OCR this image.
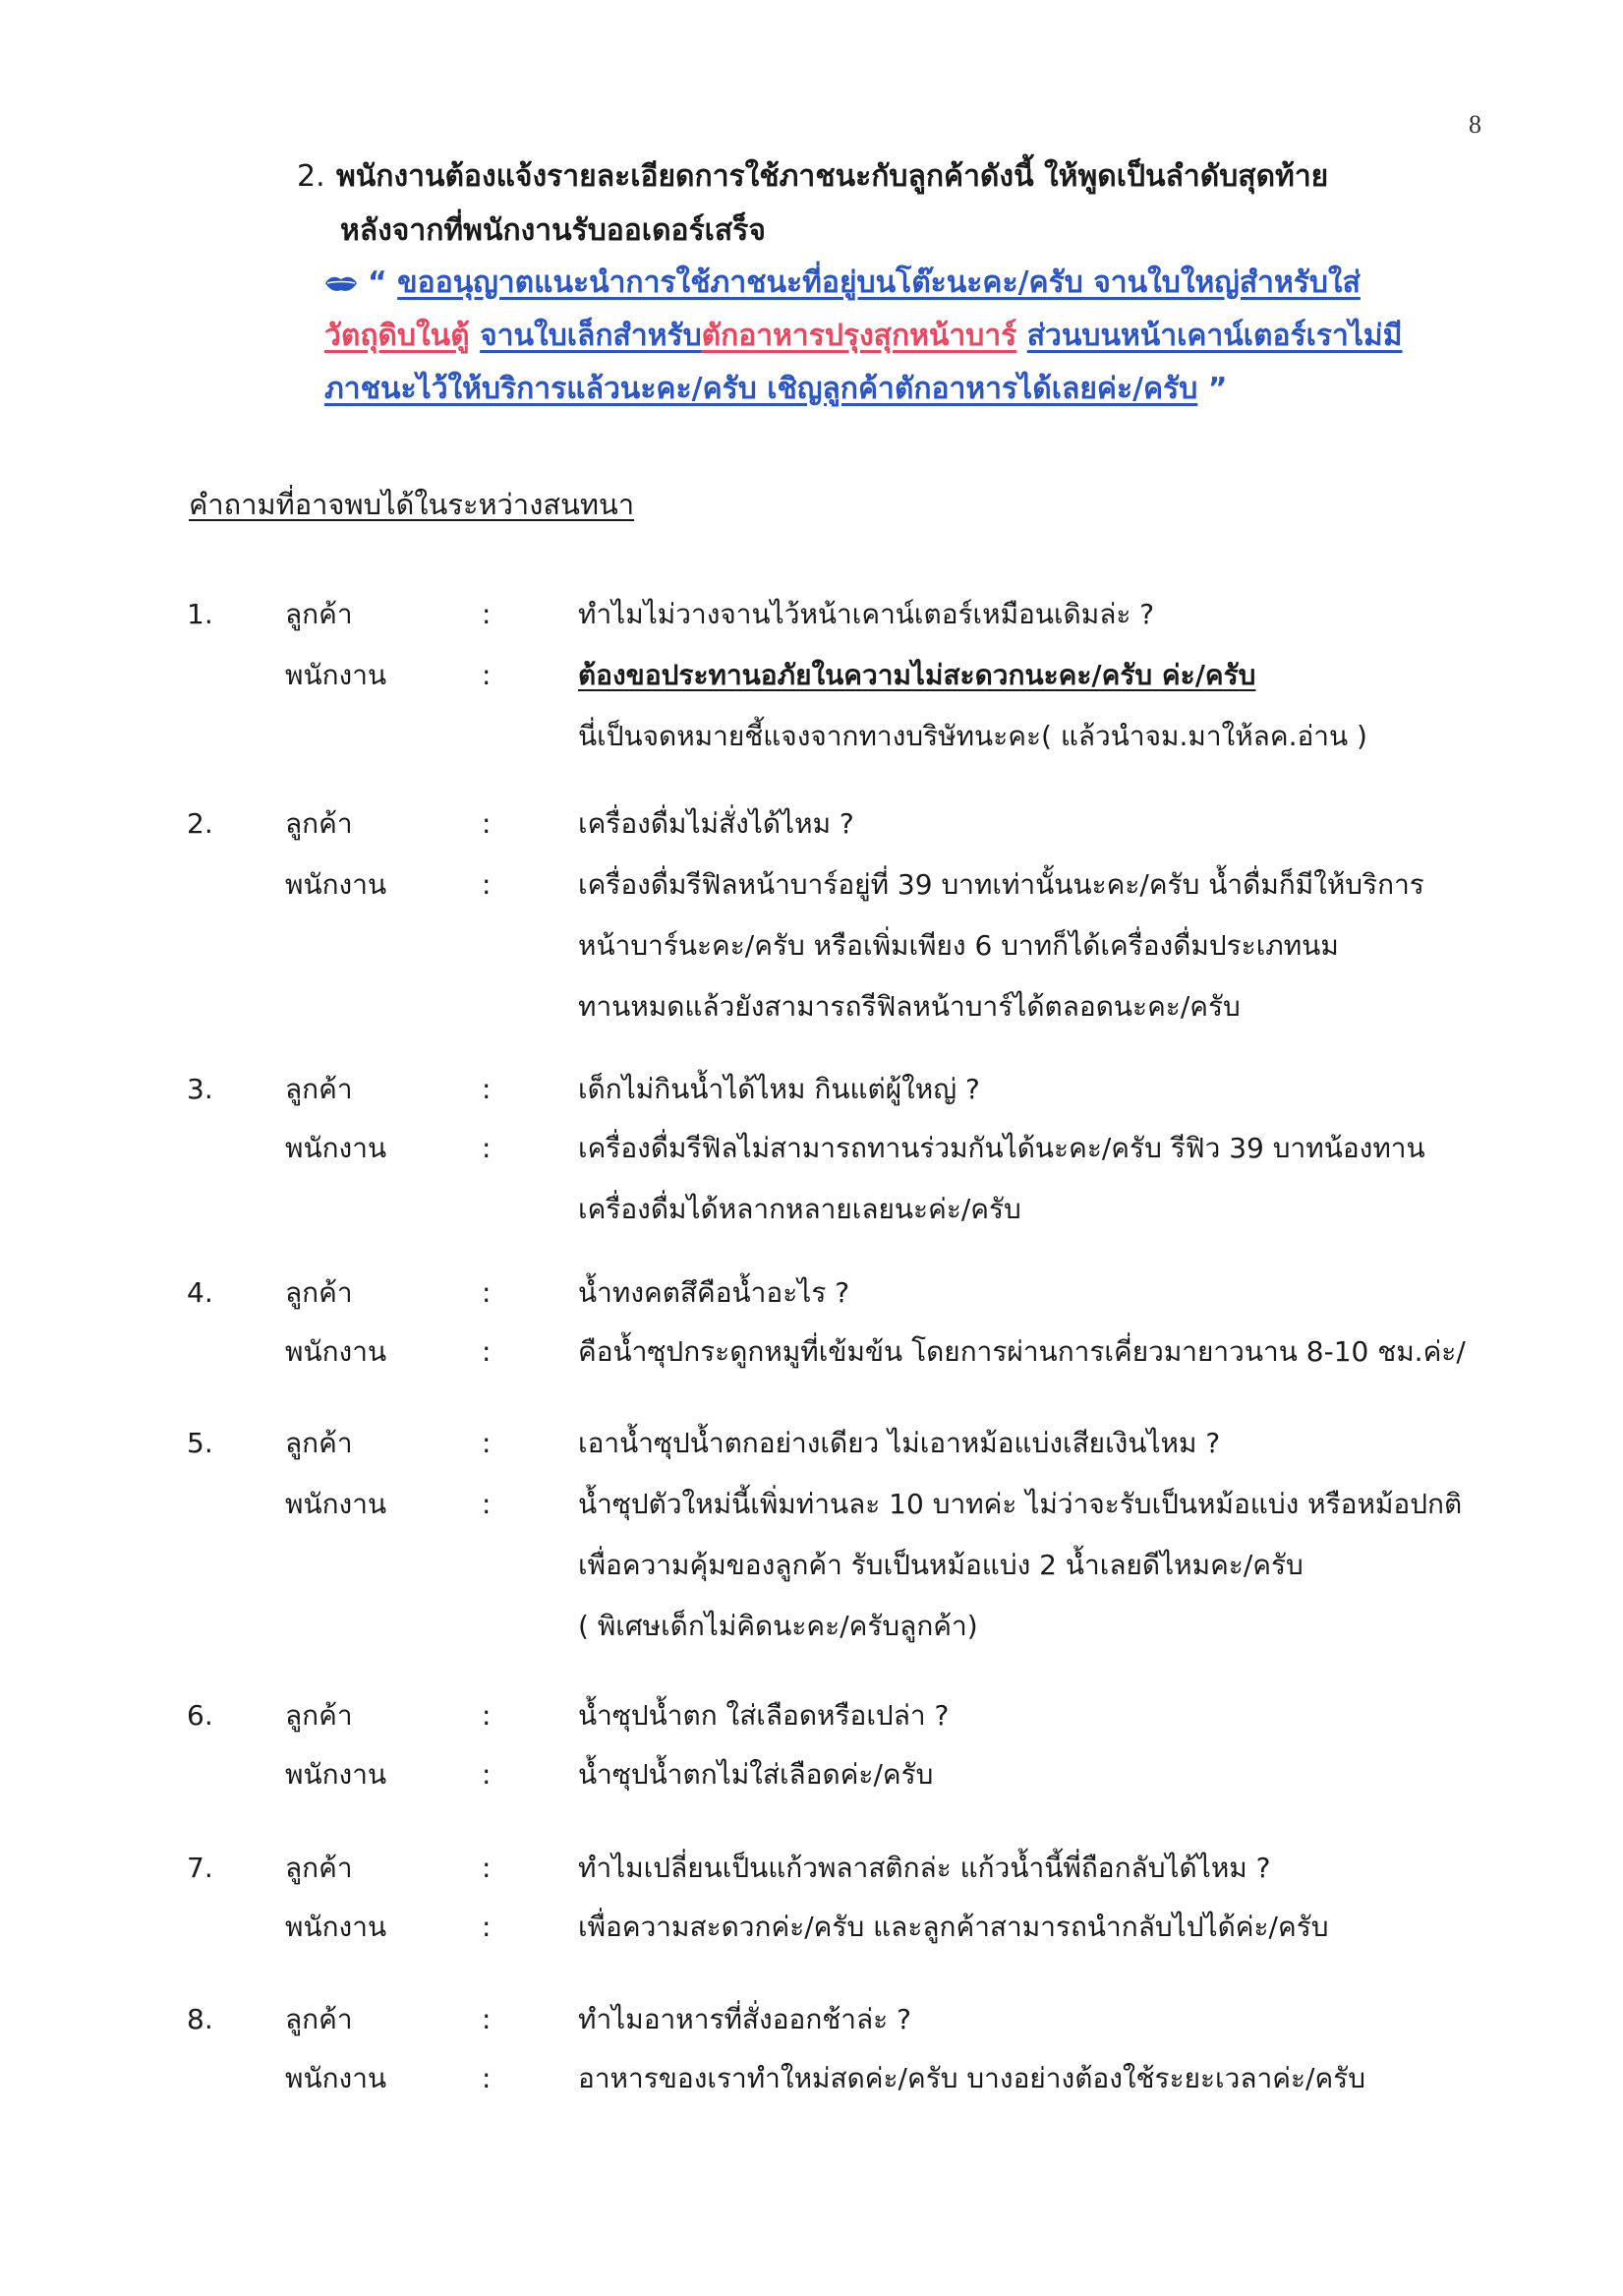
8
2. พนักงานต้องแจ้งรายละเอียดการใช้ภาชนะกับลูกค้าดังนี้ ให้พูดเป็นลำดับสุดท้าย
หลังจากที่พนักงานรับออเดอร์เสร็จ
“ ขออนุญาตแนะนำการใช้ภาชนะที่อยู่บนโต๊ะนะคะ/ครับ จานใบใหญ่สำหรับใส่
วัตถุดิบในตู้ จานใบเล็กสำหรับตักอาหารปรุงสุกหน้าบาร์ ส่วนบนหน้าเคาน์เตอร์เราไม่มี
ภาชนะไว้ให้บริการแล้วนะคะ/ครับ เชิญลูกค้าตักอาหารได้เลยค่ะ/ครับ ”
คำถามที่อาจพบได้ในระหว่างสนทนา
1.	ลูกค้า	:	ทำไมไม่วางจานไว้หน้าเคาน์เตอร์เหมือนเดิมล่ะ ?
พนักงาน	:	ต้องขอประทานอภัยในความไม่สะดวกนะคะ/ครับ ค่ะ/ครับ
นี่เป็นจดหมายชี้แจงจากทางบริษัทนะคะ( แล้วนำจม.มาให้ลค.อ่าน )
2.	ลูกค้า	:	เครื่องดื่มไม่สั่งได้ไหม ?
พนักงาน	:	เครื่องดื่มรีฟิลหน้าบาร์อยู่ที่ 39 บาทเท่านั้นนะคะ/ครับ น้ำดื่มก็มีให้บริการ
หน้าบาร์นะคะ/ครับ หรือเพิ่มเพียง 6 บาทก็ได้เครื่องดื่มประเภทนม
ทานหมดแล้วยังสามารถรีฟิลหน้าบาร์ได้ตลอดนะคะ/ครับ
3.	ลูกค้า	:	เด็กไม่กินน้ำได้ไหม กินแต่ผู้ใหญ่ ?
พนักงาน	:	เครื่องดื่มรีฟิลไม่สามารถทานร่วมกันได้นะคะ/ครับ รีฟิว 39 บาทน้องทาน
เครื่องดื่มได้หลากหลายเลยนะค่ะ/ครับ
4.	ลูกค้า	:	น้ำทงคตสึคือน้ำอะไร ?
พนักงาน	:	คือน้ำซุปกระดูกหมูที่เข้มข้น โดยการผ่านการเคี่ยวมายาวนาน 8-10 ชม.ค่ะ/
5.	ลูกค้า	:	เอาน้ำซุปน้ำตกอย่างเดียว ไม่เอาหม้อแบ่งเสียเงินไหม ?
พนักงาน	:	น้ำซุปตัวใหม่นี้เพิ่มท่านละ 10 บาทค่ะ ไม่ว่าจะรับเป็นหม้อแบ่ง หรือหม้อปกติ
เพื่อความคุ้มของลูกค้า รับเป็นหม้อแบ่ง 2 น้ำเลยดีไหมคะ/ครับ
( พิเศษเด็กไม่คิดนะคะ/ครับลูกค้า)
6.	ลูกค้า	:	น้ำซุปน้ำตก ใส่เลือดหรือเปล่า ?
พนักงาน	:	น้ำซุปน้ำตกไม่ใส่เลือดค่ะ/ครับ
7.	ลูกค้า	:	ทำไมเปลี่ยนเป็นแก้วพลาสติกล่ะ แก้วน้ำนี้พี่ถือกลับได้ไหม ?
พนักงาน	:	เพื่อความสะดวกค่ะ/ครับ และลูกค้าสามารถนำกลับไปได้ค่ะ/ครับ
8.	ลูกค้า	:	ทำไมอาหารที่สั่งออกช้าล่ะ ?
พนักงาน	:	อาหารของเราทำใหม่สดค่ะ/ครับ บางอย่างต้องใช้ระยะเวลาค่ะ/ครับ
